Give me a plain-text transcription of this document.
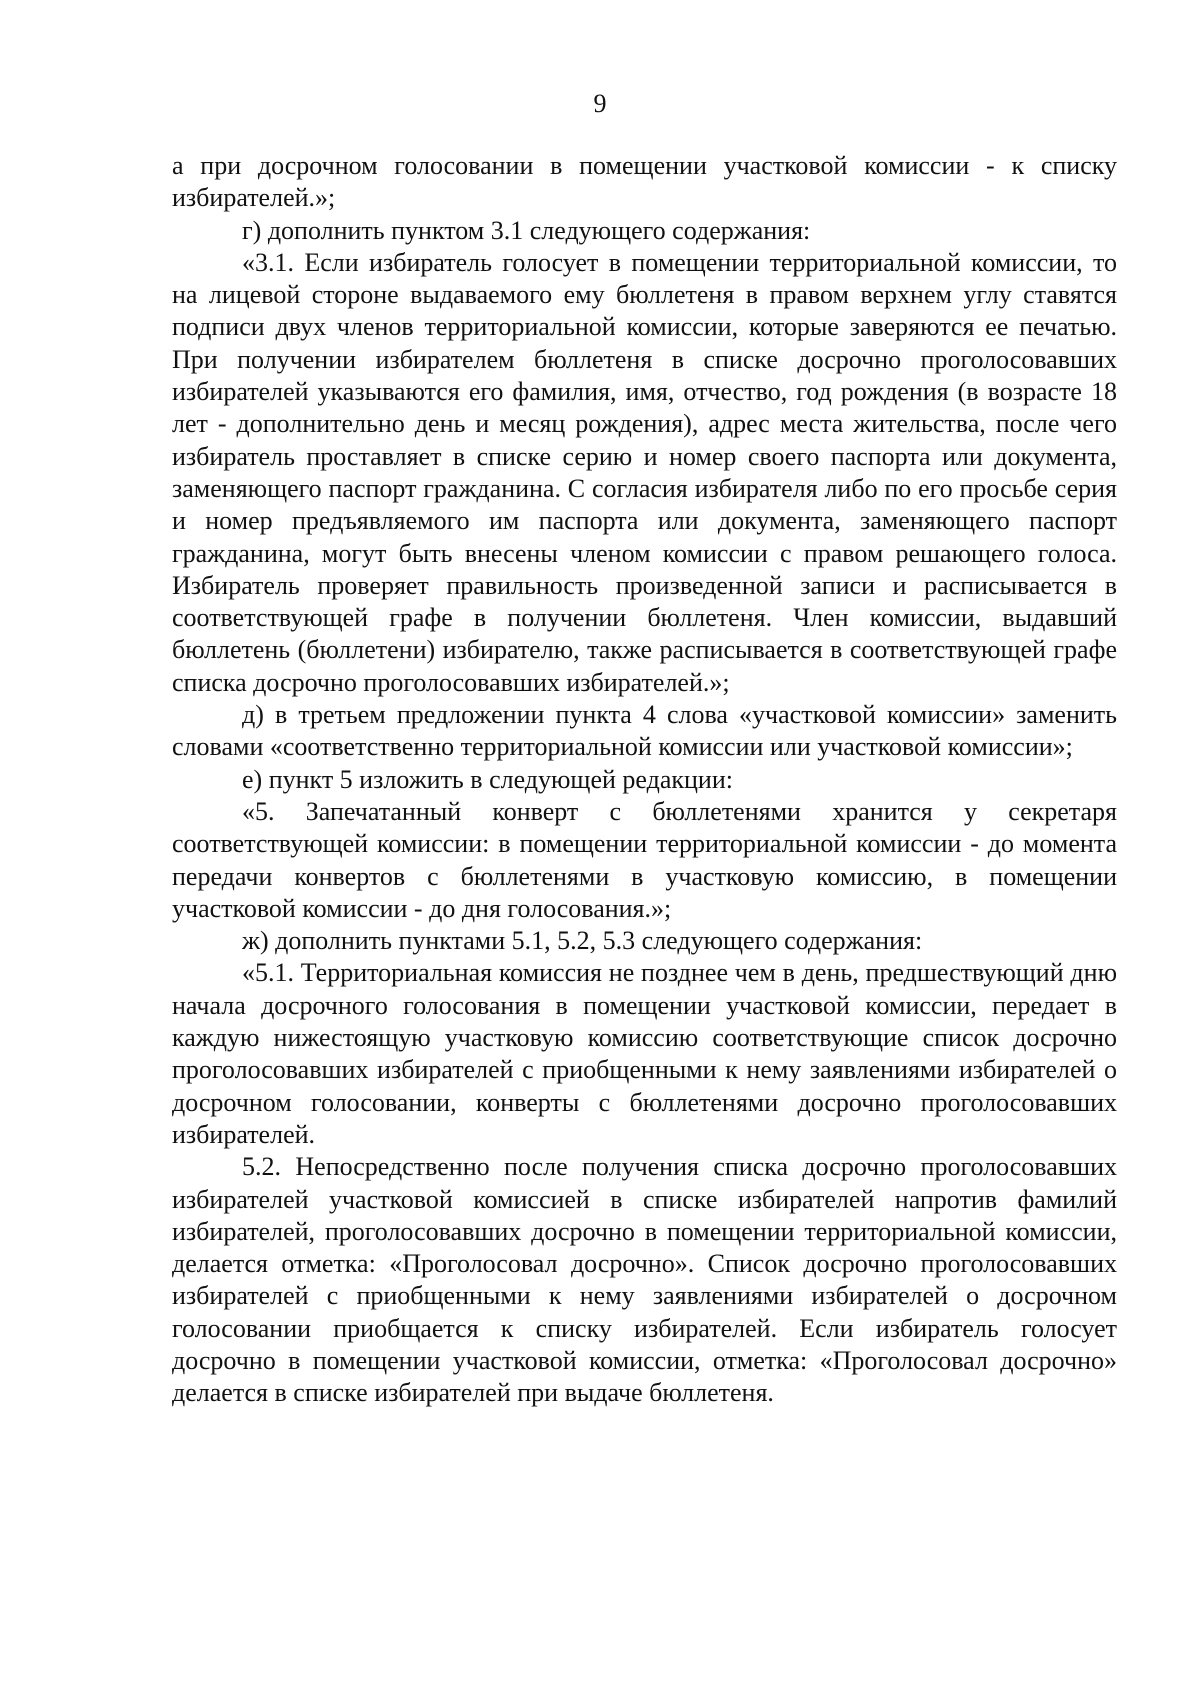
9

а при досрочном голосовании в помещении участковой комиссии - к списку избирателей.»;

г) дополнить пунктом 3.1 следующего содержания:

«3.1. Если избиратель голосует в помещении территориальной комиссии, то на лицевой стороне выдаваемого ему бюллетеня в правом верхнем углу ставятся подписи двух членов территориальной комиссии, которые заверяются ее печатью. При получении избирателем бюллетеня в списке досрочно проголосовавших избирателей указываются его фамилия, имя, отчество, год рождения (в возрасте 18 лет - дополнительно день и месяц рождения), адрес места жительства, после чего избиратель проставляет в списке серию и номер своего паспорта или документа, заменяющего паспорт гражданина. С согласия избирателя либо по его просьбе серия и номер предъявляемого им паспорта или документа, заменяющего паспорт гражданина, могут быть внесены членом комиссии с правом решающего голоса. Избиратель проверяет правильность произведенной записи и расписывается в соответствующей графе в получении бюллетеня. Член комиссии, выдавший бюллетень (бюллетени) избирателю, также расписывается в соответствующей графе списка досрочно проголосовавших избирателей.»;

д) в третьем предложении пункта 4 слова «участковой комиссии» заменить словами «соответственно территориальной комиссии или участковой комиссии»;

е) пункт 5 изложить в следующей редакции:

«5. Запечатанный конверт с бюллетенями хранится у секретаря соответствующей комиссии: в помещении территориальной комиссии - до момента передачи конвертов с бюллетенями в участковую комиссию, в помещении участковой комиссии - до дня голосования.»;

ж) дополнить пунктами 5.1, 5.2, 5.3 следующего содержания:

«5.1. Территориальная комиссия не позднее чем в день, предшествующий дню начала досрочного голосования в помещении участковой комиссии, передает в каждую нижестоящую участковую комиссию соответствующие список досрочно проголосовавших избирателей с приобщенными к нему заявлениями избирателей о досрочном голосовании, конверты с бюллетенями досрочно проголосовавших избирателей.

5.2. Непосредственно после получения списка досрочно проголосовавших избирателей участковой комиссией в списке избирателей напротив фамилий избирателей, проголосовавших досрочно в помещении территориальной комиссии, делается отметка: «Проголосовал досрочно». Список досрочно проголосовавших избирателей с приобщенными к нему заявлениями избирателей о досрочном голосовании приобщается к списку избирателей. Если избиратель голосует досрочно в помещении участковой комиссии, отметка: «Проголосовал досрочно» делается в списке избирателей при выдаче бюллетеня.
